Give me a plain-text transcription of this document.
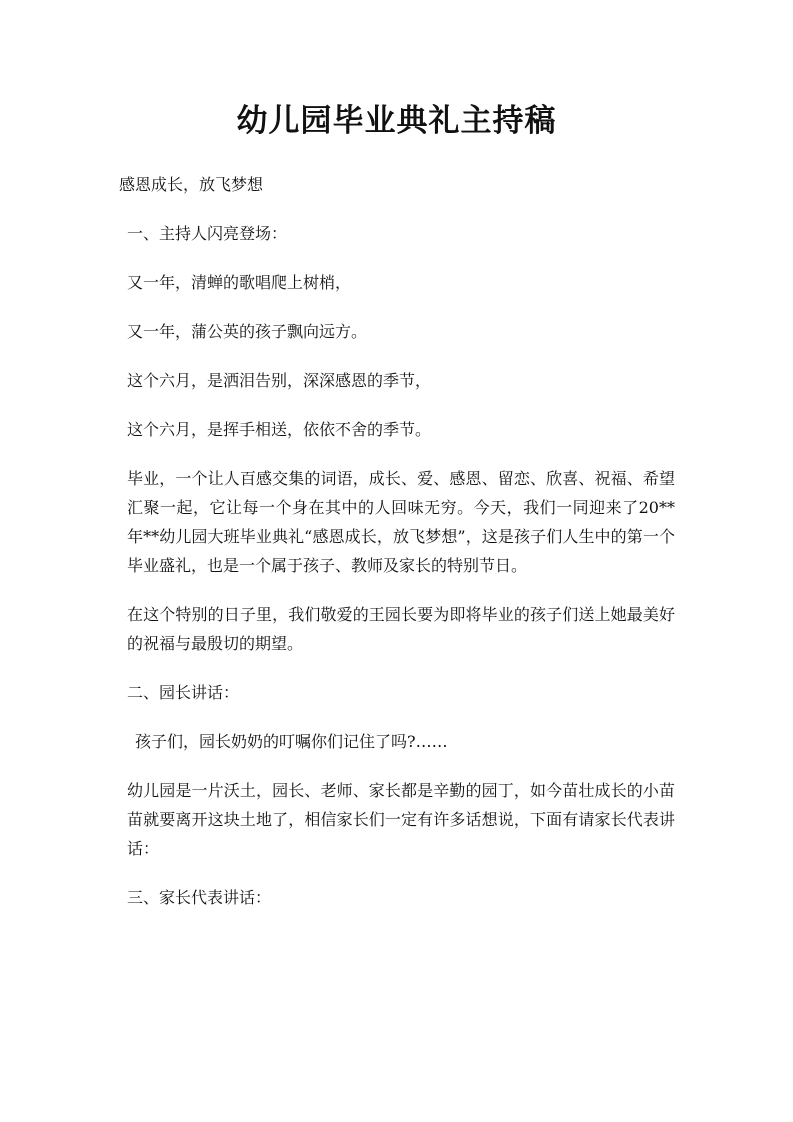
幼儿园毕业典礼主持稿

感恩成长，放飞梦想

一、主持人闪亮登场：

又一年，清蝉的歌唱爬上树梢，

又一年，蒲公英的孩子飘向远方。

这个六月，是洒泪告别，深深感恩的季节，

这个六月，是挥手相送，依依不舍的季节。

毕业，一个让人百感交集的词语，成长、爱、感恩、留恋、欣喜、祝福、希望汇聚一起，它让每一个身在其中的人回味无穷。今天，我们一同迎来了20**年**幼儿园大班毕业典礼“感恩成长，放飞梦想”，这是孩子们人生中的第一个毕业盛礼，也是一个属于孩子、教师及家长的特别节日。

在这个特别的日子里，我们敬爱的王园长要为即将毕业的孩子们送上她最美好的祝福与最殷切的期望。

二、园长讲话：

孩子们，园长奶奶的叮嘱你们记住了吗?……

幼儿园是一片沃土，园长、老师、家长都是辛勤的园丁，如今苗壮成长的小苗苗就要离开这块土地了，相信家长们一定有许多话想说，下面有请家长代表讲话：

三、家长代表讲话：
